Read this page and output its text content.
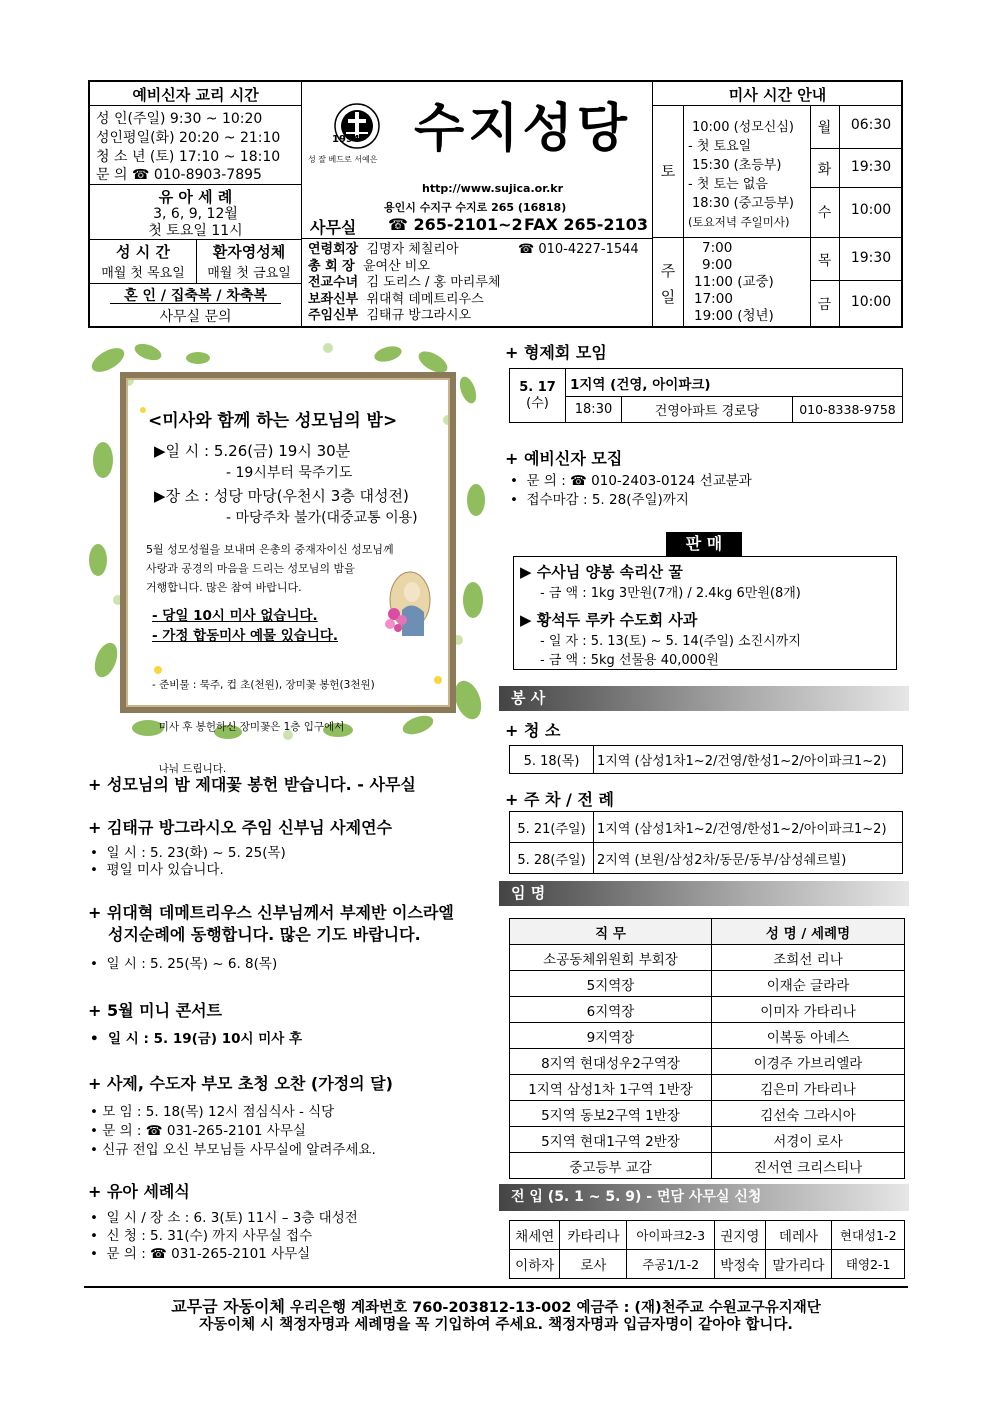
예비신자 교리 시간
성 인(주일) 9:30 ~ 10:20
성인평일(화) 20:20 ~ 21:10
청 소 년 (토) 17:10 ~ 18:10
문 의 ☎ 010-8903-7895
유 아 세 례
3, 6, 9, 12월
첫 토요일 11시
성 시 간
매월 첫 목요일
환자영성체
매월 첫 금요일
혼 인 / 집축복 / 차축복
사무실 문의
1994
성 잘 베드로 서예은
수지성당
http://www.sujica.or.kr
용인시 수지구 수지로 265 (16818)
사무실 ☎ 265-2101~2 FAX 265-2103
연령회장 김명자 체칠리아	☎ 010-4227-1544
총 회 장 윤여산 비오
전교수녀 김 도리스 / 홍 마리루체
보좌신부 위대혁 데메트리우스
주임신부 김태규 방그라시오
미사 시간 안내
토
10:00 (성모신심)
- 첫 토요일
15:30 (초등부)
- 첫 토는 없음
18:30 (중고등부)
(토요저녁 주일미사)
주일
7:00
9:00
11:00 (교중)
17:00
19:00 (청년)
월	06:30
화	19:30
수	10:00
목	19:30
금	10:00
<미사와 함께 하는 성모님의 밤>
▶일 시 : 5.26(금) 19시 30분
- 19시부터 묵주기도
▶장 소 : 성당 마당(우천시 3층 대성전)
- 마당주차 불가(대중교통 이용)
5월 성모성월을 보내며 은총의 중재자이신 성모님께
사랑과 공경의 마음을 드리는 성모님의 밤을
거행합니다. 많은 참여 바랍니다.
- 당일 10시 미사 없습니다.
- 가정 합동미사 예물 있습니다.

- 준비물 : 묵주, 컵 초(천원), 장미꽃 봉헌(3천원)

미사 후 봉헌하신 장미꽃은 1층 입구에서

나눠 드립니다.

+ 성모님의 밤 제대꽃 봉헌 받습니다. - 사무실
+ 김태규 방그라시오 주임 신부님 사제연수
•  일 시 : 5. 23(화) ~ 5. 25(목)
•  평일 미사 있습니다.
+ 위대혁 데메트리우스 신부님께서 부제반 이스라엘
성지순례에 동행합니다. 많은 기도 바랍니다.
•  일 시 : 5. 25(목) ~ 6. 8(목)
+ 5월 미니 콘서트
•  일 시 : 5. 19(금) 10시 미사 후
+ 사제, 수도자 부모 초청 오찬 (가정의 달)
• 모 임 : 5. 18(목) 12시 점심식사 - 식당
• 문 의 : ☎ 031-265-2101 사무실
• 신규 전입 오신 부모님들 사무실에 알려주세요.
+ 유아 세례식
•  일 시 / 장 소 : 6. 3(토) 11시 – 3층 대성전
•  신 청 : 5. 31(수) 까지 사무실 접수
•  문 의 : ☎ 031-265-2101 사무실
+ 형제회 모임
5. 17
(수)	1지역 (건영, 아이파크)		
	18:30	건영아파트 경로당	010-8338-9758
+ 예비신자 모집
•  문 의 : ☎ 010-2403-0124 선교분과
•  접수마감 : 5. 28(주일)까지
판 매
▶ 수사님 양봉 속리산 꿀
- 금 액 : 1kg 3만원(7개) / 2.4kg 6만원(8개)
▶ 황석두 루카 수도회 사과
- 일 자 : 5. 13(토) ~ 5. 14(주일) 소진시까지
- 금 액 : 5kg 선물용 40,000원
봉 사
+ 청 소
5. 18(목)	1지역 (삼성1차1~2/건영/한성1~2/아이파크1~2)
+ 주 차 / 전 례
5. 21(주일)	1지역 (삼성1차1~2/건영/한성1~2/아이파크1~2)
5. 28(주일)	2지역 (보원/삼성2차/동문/동부/삼성쉐르빌)
임 명
직 무	성 명 / 세례명
소공동체위원회 부회장	조희선 리나
5지역장	이재순 글라라
6지역장	이미자 가타리나
9지역장	이복동 아녜스
8지역 현대성우2구역장	이경주 가브리엘라
1지역 삼성1차 1구역 1반장	김은미 가타리나
5지역 동보2구역 1반장	김선숙 그라시아
5지역 현대1구역 2반장	서경이 로사
중고등부 교감	진서연 크리스티나
전 입 (5. 1 ~ 5. 9) - 면담 사무실 신청
채세연	카타리나	아이파크2-3	권지영	데레사	현대성1-2
이하자	로사	주공1/1-2	박정숙	말가리다	태영2-1
교무금 자동이체 우리은행 계좌번호 760-203812-13-002 예금주 : (재)천주교 수원교구유지재단
자동이체 시 책정자명과 세례명을 꼭 기입하여 주세요. 책정자명과 입금자명이 같아야 합니다.
